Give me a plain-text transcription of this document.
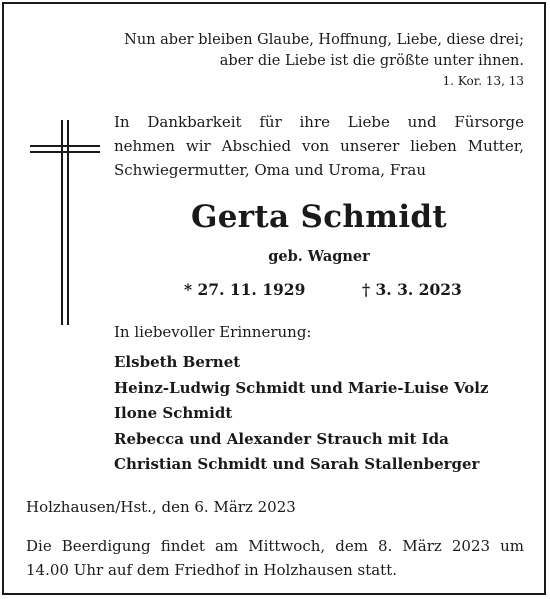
Nun aber bleiben Glaube, Hoffnung, Liebe, diese drei;
aber die Liebe ist die größte unter ihnen.
1. Kor. 13, 13
In Dankbarkeit für ihre Liebe und Fürsorge
nehmen wir Abschied von unserer lieben Mutter,
Schwiegermutter, Oma und Uroma, Frau
Gerta Schmidt
geb. Wagner
* 27. 11. 1929	† 3. 3. 2023
In liebevoller Erinnerung:
Elsbeth Bernet
Heinz-Ludwig Schmidt und Marie-Luise Volz
Ilone Schmidt
Rebecca und Alexander Strauch mit Ida
Christian Schmidt und Sarah Stallenberger
Holzhausen/Hst., den 6. März 2023
Die Beerdigung findet am Mittwoch, dem 8. März 2023 um
14.00 Uhr auf dem Friedhof in Holzhausen statt.
